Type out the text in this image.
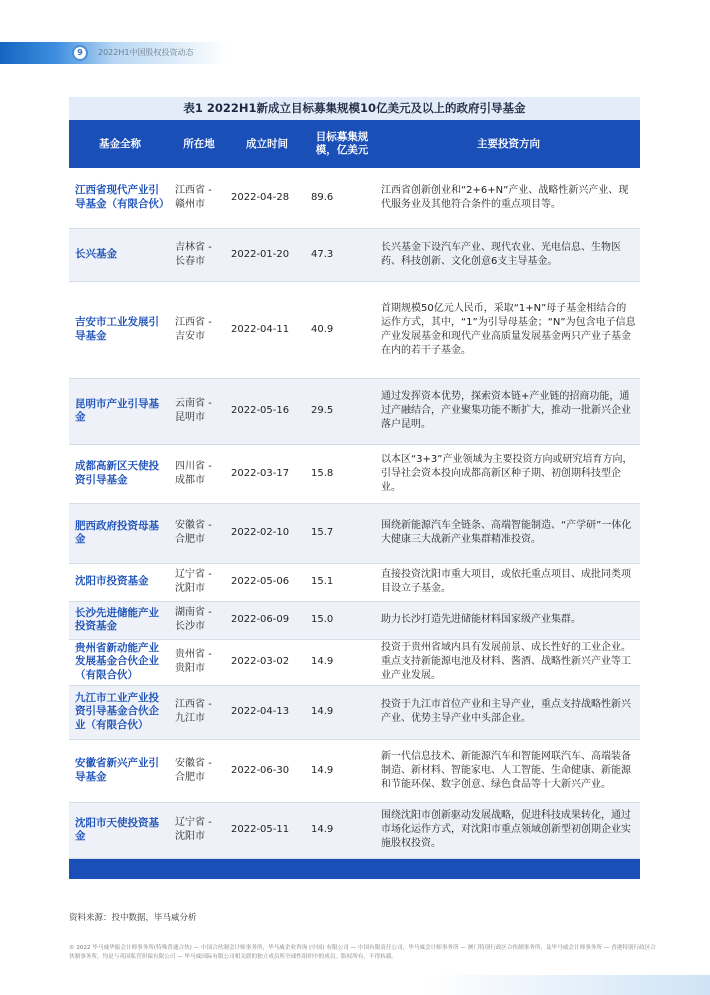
9	2022H1中国股权投资动态
表1 2022H1新成立目标募集规模10亿美元及以上的政府引导基金
基金全称	所在地	成立时间	目标募集规模，亿美元	主要投资方向
江西省现代产业引导基金（有限合伙）	江西省 - 赣州市	2022-04-28	89.6	江西省创新创业和“2+6+N”产业、战略性新兴产业、现代服务业及其他符合条件的重点项目等。
长兴基金	吉林省 - 长春市	2022-01-20	47.3	长兴基金下设汽车产业、现代农业、光电信息、生物医药、科技创新、文化创意6支主导基金。
吉安市工业发展引导基金	江西省 - 吉安市	2022-04-11	40.9	首期规模50亿元人民币，采取“1+N”母子基金相结合的运作方式，其中，“1”为引导母基金；“N”为包含电子信息产业发展基金和现代产业高质量发展基金两只产业子基金在内的若干子基金。
昆明市产业引导基金	云南省 - 昆明市	2022-05-16	29.5	通过发挥资本优势，探索资本链+产业链的招商功能，通过产融结合，产业聚集功能不断扩大，推动一批新兴企业落户昆明。
成都高新区天使投资引导基金	四川省 - 成都市	2022-03-17	15.8	以本区“3+3”产业领域为主要投资方向或研究培育方向，引导社会资本投向成都高新区种子期、初创期科技型企业。
肥西政府投资母基金	安徽省 - 合肥市	2022-02-10	15.7	围绕新能源汽车全链条、高端智能制造、“产学研”一体化大健康三大战新产业集群精准投资。
沈阳市投资基金	辽宁省 - 沈阳市	2022-05-06	15.1	直接投资沈阳市重大项目，或依托重点项目、成批同类项目设立子基金。
长沙先进储能产业投资基金	湖南省 - 长沙市	2022-06-09	15.0	助力长沙打造先进储能材料国家级产业集群。
贵州省新动能产业发展基金合伙企业（有限合伙）	贵州省 - 贵阳市	2022-03-02	14.9	投资于贵州省域内具有发展前景、成长性好的工业企业。重点支持新能源电池及材料、酱酒、战略性新兴产业等工业产业发展。
九江市工业产业投资引导基金合伙企业（有限合伙）	江西省 - 九江市	2022-04-13	14.9	投资于九江市首位产业和主导产业，重点支持战略性新兴产业、优势主导产业中头部企业。
安徽省新兴产业引导基金	安徽省 - 合肥市	2022-06-30	14.9	新一代信息技术、新能源汽车和智能网联汽车、高端装备制造、新材料、智能家电、人工智能、生命健康、新能源和节能环保、数字创意、绿色食品等十大新兴产业。
沈阳市天使投资基金	辽宁省 - 沈阳市	2022-05-11	14.9	围绕沈阳市创新驱动发展战略，促进科技成果转化，通过市场化运作方式，对沈阳市重点领域创新型初创期企业实施股权投资。
资料来源：投中数据，毕马威分析
© 2022 毕马威华振会计师事务所(特殊普通合伙) — 中国合伙制会计师事务所，毕马威企业咨询 (中国) 有限公司 — 中国有限责任公司，毕马威会计师事务所 — 澳门特别行政区合伙制事务所，及毕马威会计师事务所 — 香港特别行政区合伙制事务所，均是与英国私营担保有限公司 — 毕马威国际有限公司相关联的独立成员所全球性组织中的成员。版权所有，不得转载。
